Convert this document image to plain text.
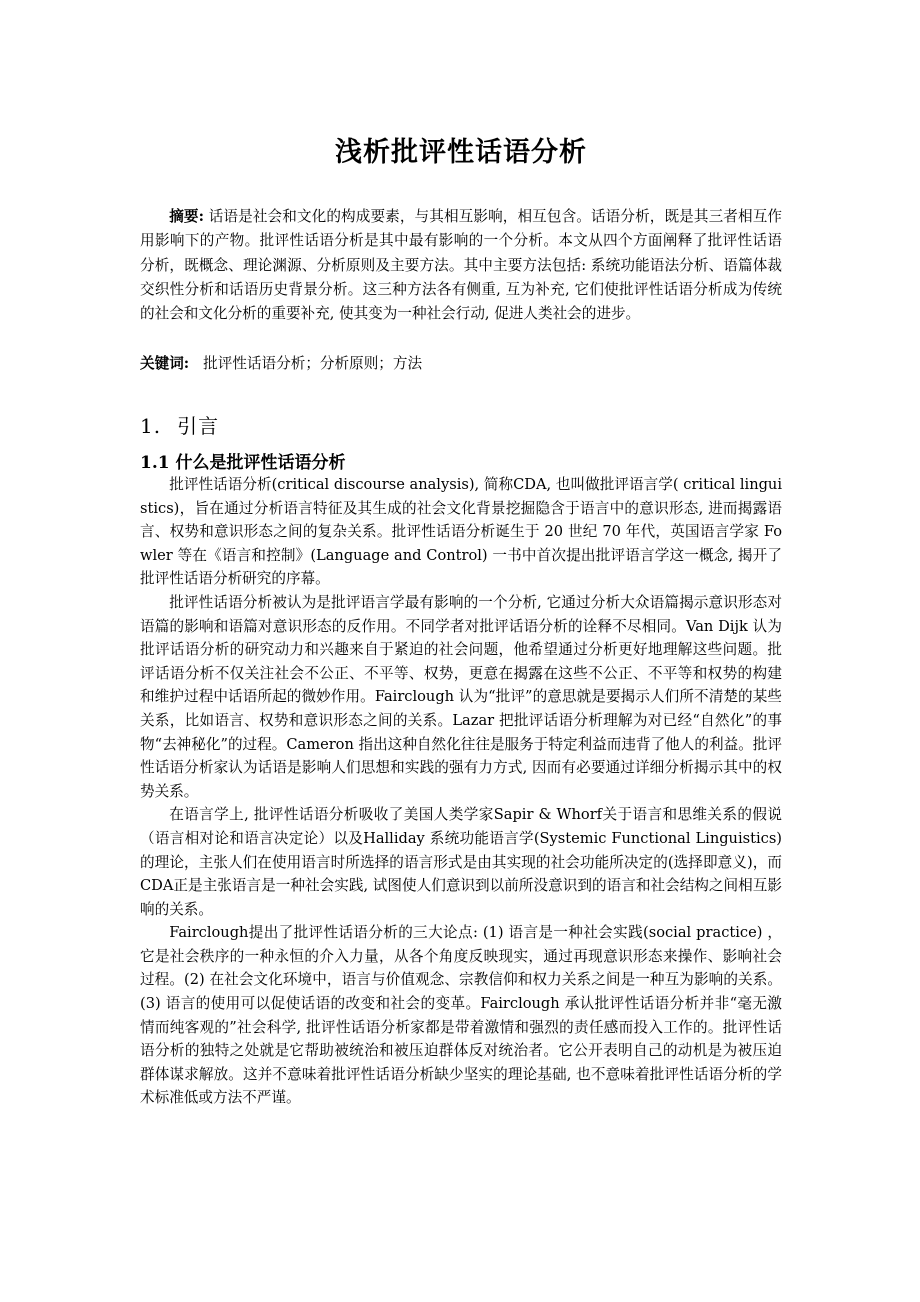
浅析批评性话语分析

摘要: 话语是社会和文化的构成要素，与其相互影响，相互包含。话语分析，既是其三者相互作用影响下的产物。批评性话语分析是其中最有影响的一个分析。本文从四个方面阐释了批评性话语分析，既概念、理论渊源、分析原则及主要方法。其中主要方法包括: 系统功能语法分析、语篇体裁交织性分析和话语历史背景分析。这三种方法各有侧重, 互为补充, 它们使批评性话语分析成为传统的社会和文化分析的重要补充, 使其变为一种社会行动, 促进人类社会的进步。

关键词: 批评性话语分析；分析原则；方法

1. 引言
1.1 什么是批评性话语分析

批评性话语分析(critical discourse analysis), 简称CDA, 也叫做批评语言学( critical linguistics)，旨在通过分析语言特征及其生成的社会文化背景挖掘隐含于语言中的意识形态, 进而揭露语言、权势和意识形态之间的复杂关系。批评性话语分析诞生于 20 世纪 70 年代，英国语言学家 Fowler 等在《语言和控制》(Language and Control) 一书中首次提出批评语言学这一概念, 揭开了批评性话语分析研究的序幕。

批评性话语分析被认为是批评语言学最有影响的一个分析, 它通过分析大众语篇揭示意识形态对语篇的影响和语篇对意识形态的反作用。不同学者对批评话语分析的诠释不尽相同。Van Dijk 认为批评话语分析的研究动力和兴趣来自于紧迫的社会问题，他希望通过分析更好地理解这些问题。批评话语分析不仅关注社会不公正、不平等、权势，更意在揭露在这些不公正、不平等和权势的构建和维护过程中话语所起的微妙作用。Fairclough 认为“批评”的意思就是要揭示人们所不清楚的某些关系，比如语言、权势和意识形态之间的关系。Lazar 把批评话语分析理解为对已经“自然化”的事物“去神秘化”的过程。Cameron 指出这种自然化往往是服务于特定利益而违背了他人的利益。批评性话语分析家认为话语是影响人们思想和实践的强有力方式, 因而有必要通过详细分析揭示其中的权势关系。

在语言学上, 批评性话语分析吸收了美国人类学家Sapir & Whorf关于语言和思维关系的假说（语言相对论和语言决定论）以及Halliday 系统功能语言学(Systemic Functional Linguistics) 的理论，主张人们在使用语言时所选择的语言形式是由其实现的社会功能所决定的(选择即意义)，而CDA正是主张语言是一种社会实践, 试图使人们意识到以前所没意识到的语言和社会结构之间相互影响的关系。

Fairclough提出了批评性话语分析的三大论点: (1) 语言是一种社会实践(social practice) ，它是社会秩序的一种永恒的介入力量，从各个角度反映现实，通过再现意识形态来操作、影响社会过程。(2) 在社会文化环境中，语言与价值观念、宗教信仰和权力关系之间是一种互为影响的关系。(3) 语言的使用可以促使话语的改变和社会的变革。Fairclough 承认批评性话语分析并非“毫无激情而纯客观的”社会科学, 批评性话语分析家都是带着激情和强烈的责任感而投入工作的。批评性话语分析的独特之处就是它帮助被统治和被压迫群体反对统治者。它公开表明自己的动机是为被压迫群体谋求解放。这并不意味着批评性话语分析缺少坚实的理论基础, 也不意味着批评性话语分析的学术标准低或方法不严谨。
